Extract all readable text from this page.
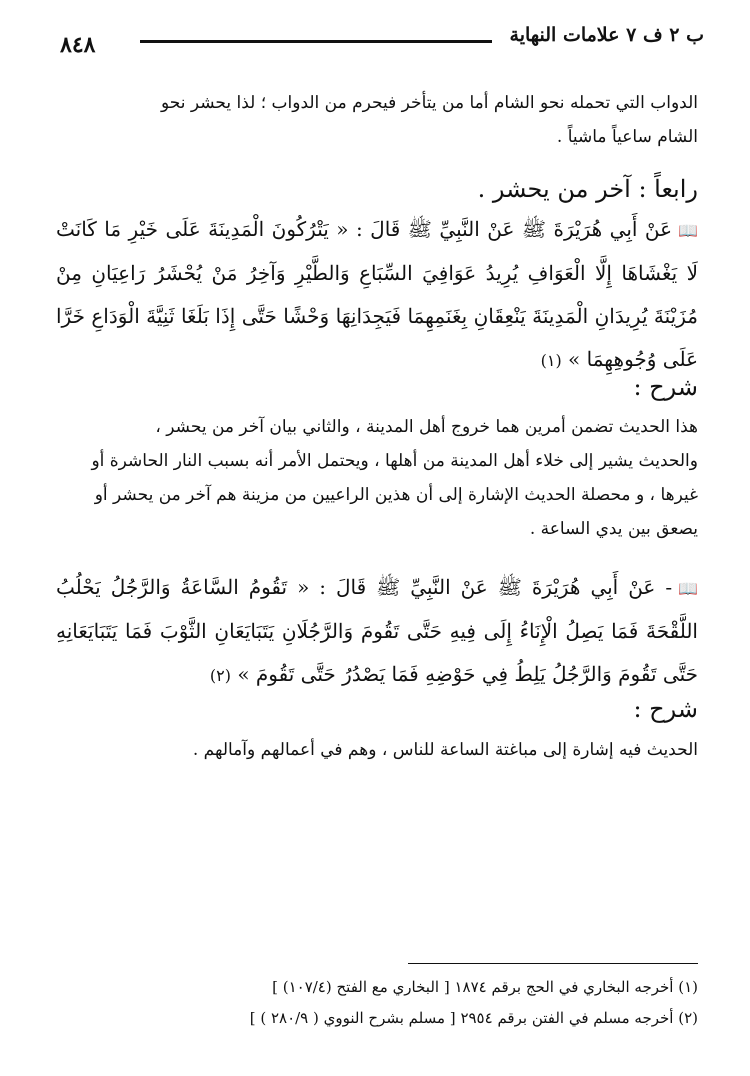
٨٤٨	ب ٢ ف ٧ علامات النهاية

الدواب التي تحمله نحو الشام أما من يتأخر فيحرم من الدواب ؛ لذا يحشر نحو

الشام ساعياً ماشياً .

رابعاً : آخر من يحشر .
📖عَنْ أَبِي هُرَيْرَةَ ﷺ عَنْ النَّبِيِّ ﷺ قَالَ : « يَتْرُكُونَ الْمَدِينَةَ عَلَى خَيْرِ مَا كَانَتْ لَا يَغْشَاهَا إِلَّا الْعَوَافِ يُرِيدُ عَوَافِيَ السِّبَاعِ وَالطَّيْرِ وَآخِرُ مَنْ يُحْشَرُ رَاعِيَانِ مِنْ مُزَيْنَةَ يُرِيدَانِ الْمَدِينَةَ يَنْعِقَانِ بِغَنَمِهِمَا فَيَجِدَانِهَا وَحْشًا حَتَّى إِذَا بَلَغَا ثَنِيَّةَ الْوَدَاعِ خَرَّا عَلَى وُجُوهِهِمَا » (١)
شرح :

هذا الحديث تضمن أمرين هما خروج أهل المدينة ، والثاني بيان آخر من يحشر ،

والحديث يشير إلى خلاء أهل المدينة من أهلها ، ويحتمل الأمر أنه بسبب النار الحاشرة أو

غيرها ، و محصلة الحديث الإشارة إلى أن هذين الراعيين من مزينة هم آخر من يحشر أو

يصعق بين يدي الساعة .

📖- عَنْ أَبِي هُرَيْرَةَ ﷺ عَنْ النَّبِيِّ ﷺ قَالَ : « تَقُومُ السَّاعَةُ وَالرَّجُلُ يَحْلُبُ اللَّقْحَةَ فَمَا يَصِلُ الْإِنَاءُ إِلَى فِيهِ حَتَّى تَقُومَ وَالرَّجُلَانِ يَتَبَايَعَانِ الثَّوْبَ فَمَا يَتَبَايَعَانِهِ حَتَّى تَقُومَ وَالرَّجُلُ يَلِطُ فِي حَوْضِهِ فَمَا يَصْدُرُ حَتَّى تَقُومَ » (٢)
شرح :

الحديث فيه إشارة إلى مباغتة الساعة للناس ، وهم في أعمالهم وآمالهم .

(١) أخرجه البخاري في الحج برقم ١٨٧٤ [ البخاري مع الفتح (١٠٧/٤) ]

(٢) أخرجه مسلم في الفتن برقم ٢٩٥٤ [ مسلم بشرح النووي ( ٢٨٠/٩ ) ]
